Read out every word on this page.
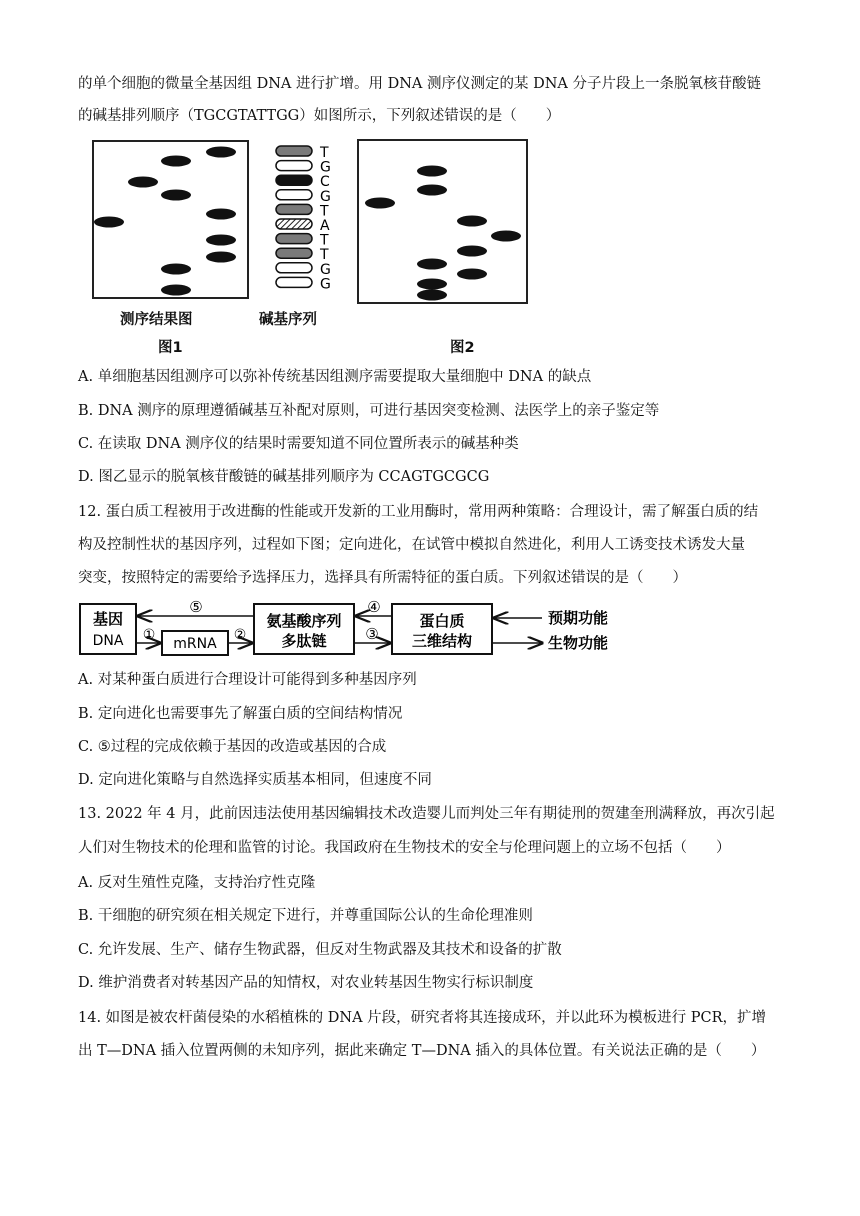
的单个细胞的微量全基因组 DNA 进行扩增。用 DNA 测序仪测定的某 DNA 分子片段上一条脱氧核苷酸链
的碱基排列顺序（TGCGTATTGG）如图所示，下列叙述错误的是（　　）
T
G
C
G
T
A
T
T
G
G
测序结果图	碱基序列
图1	图2
A. 单细胞基因组测序可以弥补传统基因组测序需要提取大量细胞中 DNA 的缺点
B. DNA 测序的原理遵循碱基互补配对原则，可进行基因突变检测、法医学上的亲子鉴定等
C. 在读取 DNA 测序仪的结果时需要知道不同位置所表示的碱基种类
D. 图乙显示的脱氧核苷酸链的碱基排列顺序为 CCAGTGCGCG
12. 蛋白质工程被用于改进酶的性能或开发新的工业用酶时，常用两种策略：合理设计，需了解蛋白质的结
构及控制性状的基因序列，过程如下图；定向进化，在试管中模拟自然进化，利用人工诱变技术诱发大量
突变，按照特定的需要给予选择压力，选择具有所需特征的蛋白质。下列叙述错误的是（　　）
基因
DNA	mRNA
氨基酸序列
多肽链
蛋白质
三维结构
⑤
①	②
④
③
预期功能
生物功能
A. 对某种蛋白质进行合理设计可能得到多种基因序列
B. 定向进化也需要事先了解蛋白质的空间结构情况
C. ⑤过程的完成依赖于基因的改造或基因的合成
D. 定向进化策略与自然选择实质基本相同，但速度不同
13. 2022 年 4 月，此前因违法使用基因编辑技术改造婴儿而判处三年有期徒刑的贺建奎刑满释放，再次引起
人们对生物技术的伦理和监管的讨论。我国政府在生物技术的安全与伦理问题上的立场不包括（　　）
A. 反对生殖性克隆，支持治疗性克隆
B. 干细胞的研究须在相关规定下进行，并尊重国际公认的生命伦理准则
C. 允许发展、生产、储存生物武器，但反对生物武器及其技术和设备的扩散
D. 维护消费者对转基因产品的知情权，对农业转基因生物实行标识制度
14. 如图是被农杆菌侵染的水稻植株的 DNA 片段，研究者将其连接成环，并以此环为模板进行 PCR，扩增
出 T—DNA 插入位置两侧的未知序列，据此来确定 T—DNA 插入的具体位置。有关说法正确的是（　　）
